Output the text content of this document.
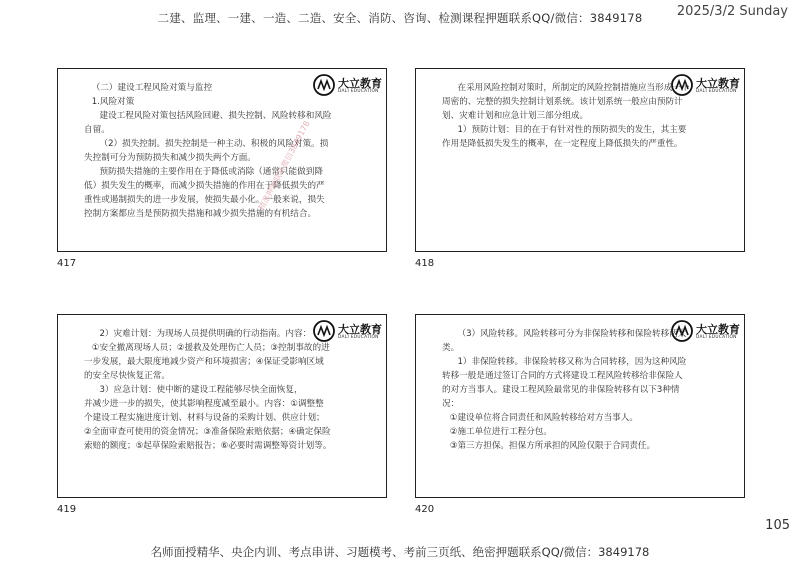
二建、监理、一建、一造、二造、安全、消防、咨询、检测课程押题联系QQ/微信：3849178	2025/3/2 Sunday
大立教育
DALI EDUCATION

（二）建设工程风险对策与监控

1.风险对策

建设工程风险对策包括风险回避、损失控制、风险转移和风险自留。

（2）损失控制。损失控制是一种主动、积极的风险对策。损失控制可分为预防损失和减少损失两个方面。

预防损失措施的主要作用在于降低或消除（通常只能做到降低）损失发生的概率，而减少损失措施的作用在于降低损失的严重性或遏制损失的进一步发展，使损失最小化。一般来说，损失控制方案都应当是预防损失措施和减少损失措施的有机结合。

精准押题联系微信3849178
417
大立教育
DALI EDUCATION

在采用风险控制对策时，所制定的风险控制措施应当形成一个周密的、完整的损失控制计划系统。该计划系统一般应由预防计划、灾难计划和应急计划三部分组成。

1）预防计划：目的在于有针对性的预防损失的发生，其主要作用是降低损失发生的概率，在一定程度上降低损失的严重性。

418
大立教育
DALI EDUCATION

2）灾难计划：为现场人员提供明确的行动指南。内容：

①安全撤离现场人员；②援救及处理伤亡人员；③控制事故的进一步发展，最大限度地减少资产和环境损害；④保证受影响区域的安全尽快恢复正常。

3）应急计划：使中断的建设工程能够尽快全面恢复，

并减少进一步的损失，使其影响程度减至最小。内容：①调整整个建设工程实施进度计划、材料与设备的采购计划、供应计划；②全面审查可使用的资金情况；③准备保险索赔依据；④确定保险索赔的额度；⑤起草保险索赔报告；⑥必要时需调整筹资计划等。

419
大立教育
DALI EDUCATION

（3）风险转移。风险转移可分为非保险转移和保险转移两大类。

1）非保险转移。非保险转移又称为合同转移，因为这种风险转移一般是通过签订合同的方式将建设工程风险转移给非保险人的对方当事人。建设工程风险最常见的非保险转移有以下3种情况：

①建设单位将合同责任和风险转移给对方当事人。

②施工单位进行工程分包。

③第三方担保。担保方所承担的风险仅限于合同责任。

420
105
名师面授精华、央企内训、考点串讲、习题模考、考前三页纸、绝密押题联系QQ/微信：3849178
